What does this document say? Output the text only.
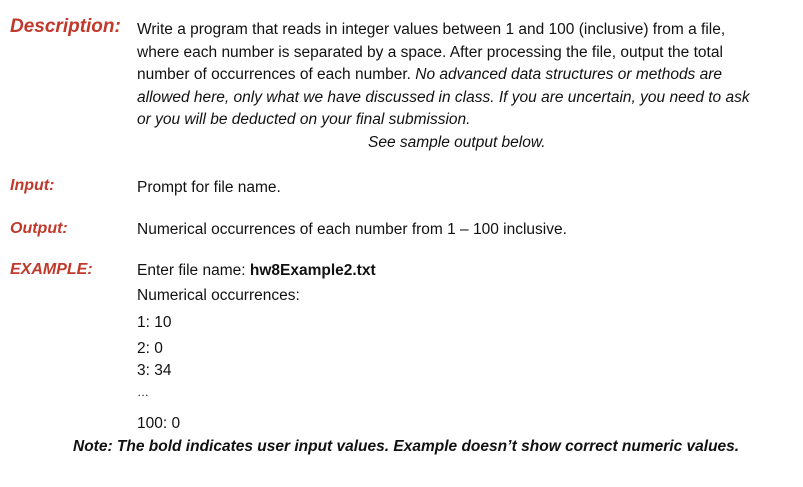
Description: Write a program that reads in integer values between 1 and 100 (inclusive) from a file,

where each number is separated by a space. After processing the file, output the total

number of occurrences of each number. No advanced data structures or methods are

allowed here, only what we have discussed in class. If you are uncertain, you need to ask

or you will be deducted on your final submission.

See sample output below.

Input:	Prompt for file name.
Output:	Numerical occurrences of each number from 1 – 100 inclusive.
EXAMPLE:	Enter file name: hw8Example2.txt
Numerical occurrences:
1: 10
2: 0
3: 34
…
100: 0
Note: The bold indicates user input values. Example doesn’t show correct numeric values.
